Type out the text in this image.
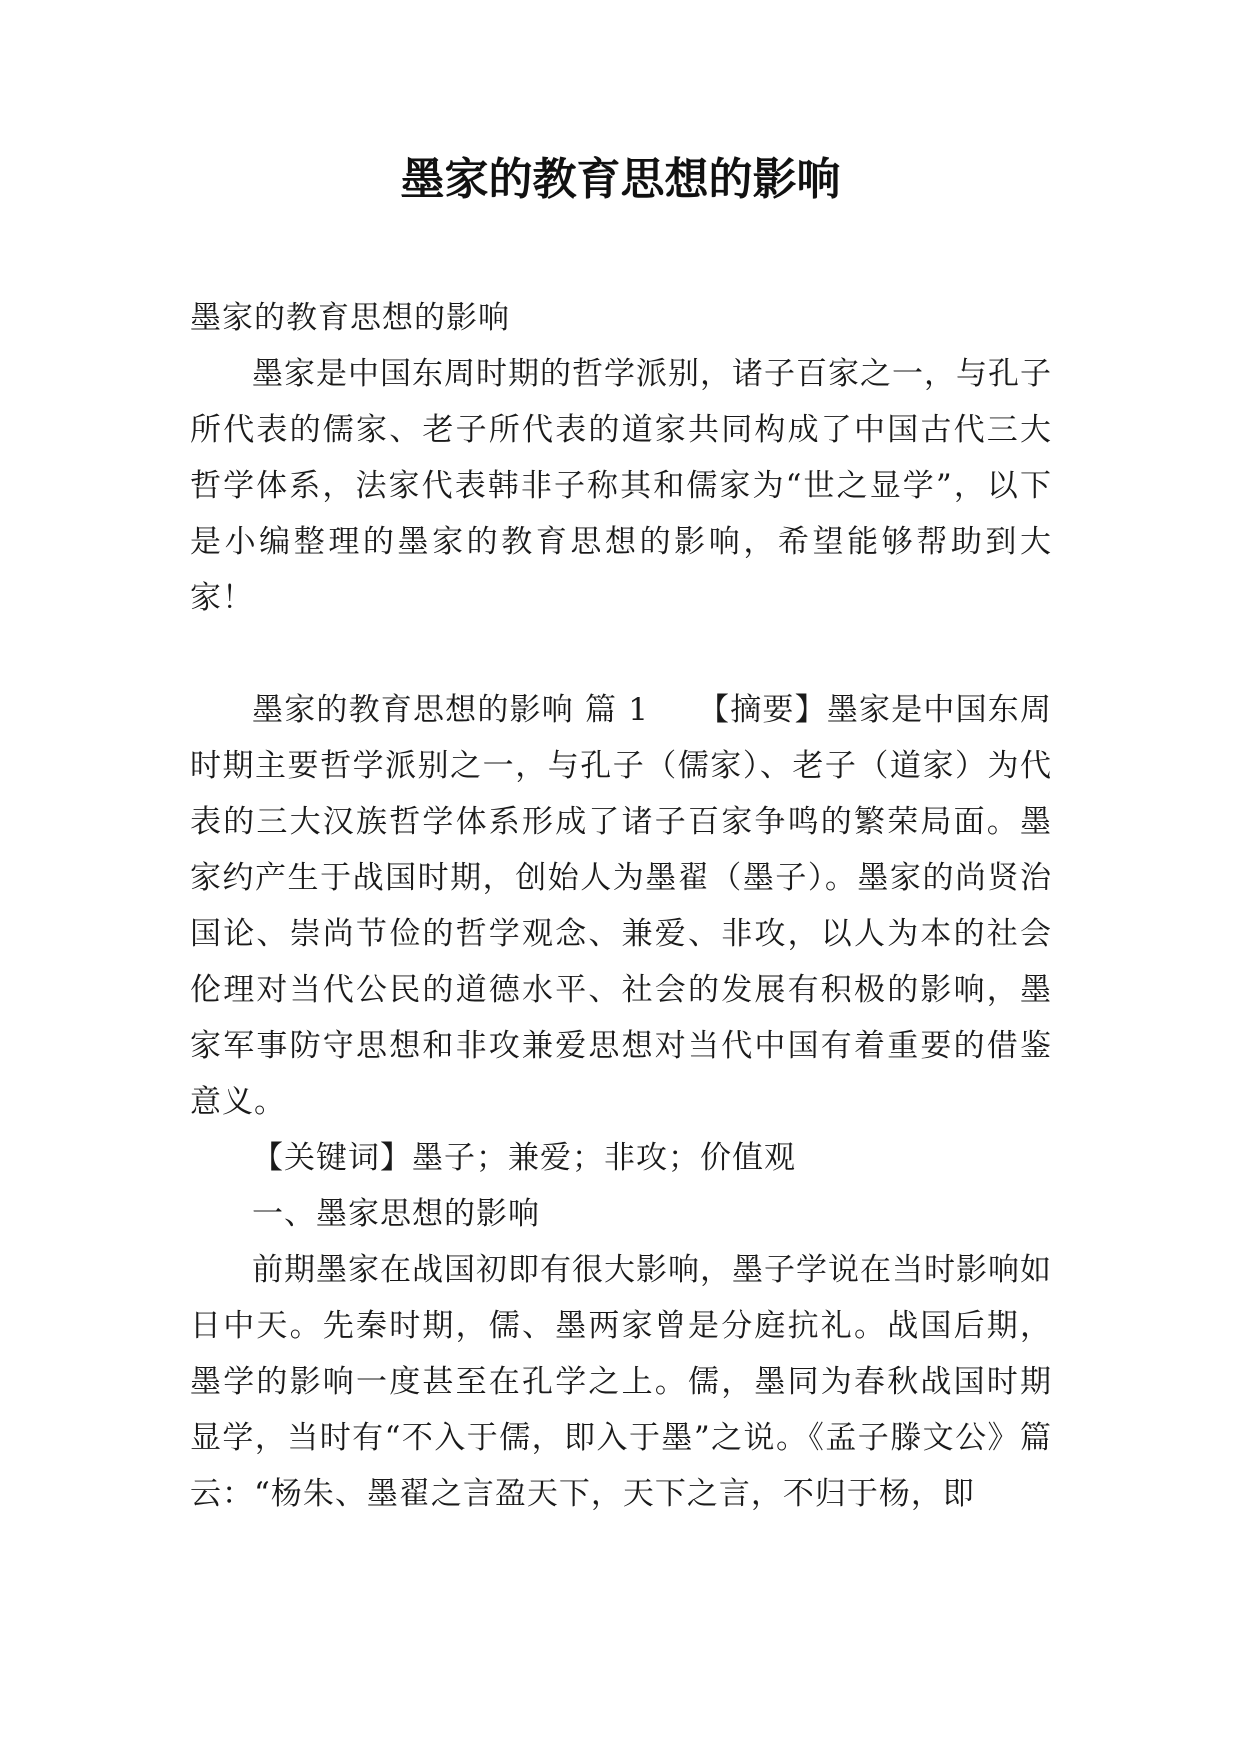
墨家的教育思想的影响

墨家的教育思想的影响

墨家是中国东周时期的哲学派别，诸子百家之一，与孔子所代表的儒家、老子所代表的道家共同构成了中国古代三大哲学体系，法家代表韩非子称其和儒家为“世之显学”，以下是小编整理的墨家的教育思想的影响，希望能够帮助到大家！

墨家的教育思想的影响 篇 1　　【摘要】墨家是中国东周时期主要哲学派别之一，与孔子（儒家）、老子（道家）为代表的三大汉族哲学体系形成了诸子百家争鸣的繁荣局面。墨家约产生于战国时期，创始人为墨翟（墨子）。墨家的尚贤治国论、崇尚节俭的哲学观念、兼爱、非攻，以人为本的社会伦理对当代公民的道德水平、社会的发展有积极的影响，墨家军事防守思想和非攻兼爱思想对当代中国有着重要的借鉴意义。

【关键词】墨子；兼爱；非攻；价值观

一、墨家思想的影响

前期墨家在战国初即有很大影响，墨子学说在当时影响如日中天。先秦时期，儒、墨两家曾是分庭抗礼。战国后期，墨学的影响一度甚至在孔学之上。儒，墨同为春秋战国时期显学，当时有“不入于儒，即入于墨”之说。《孟子滕文公》篇云：“杨朱、墨翟之言盈天下，天下之言，不归于杨，即
